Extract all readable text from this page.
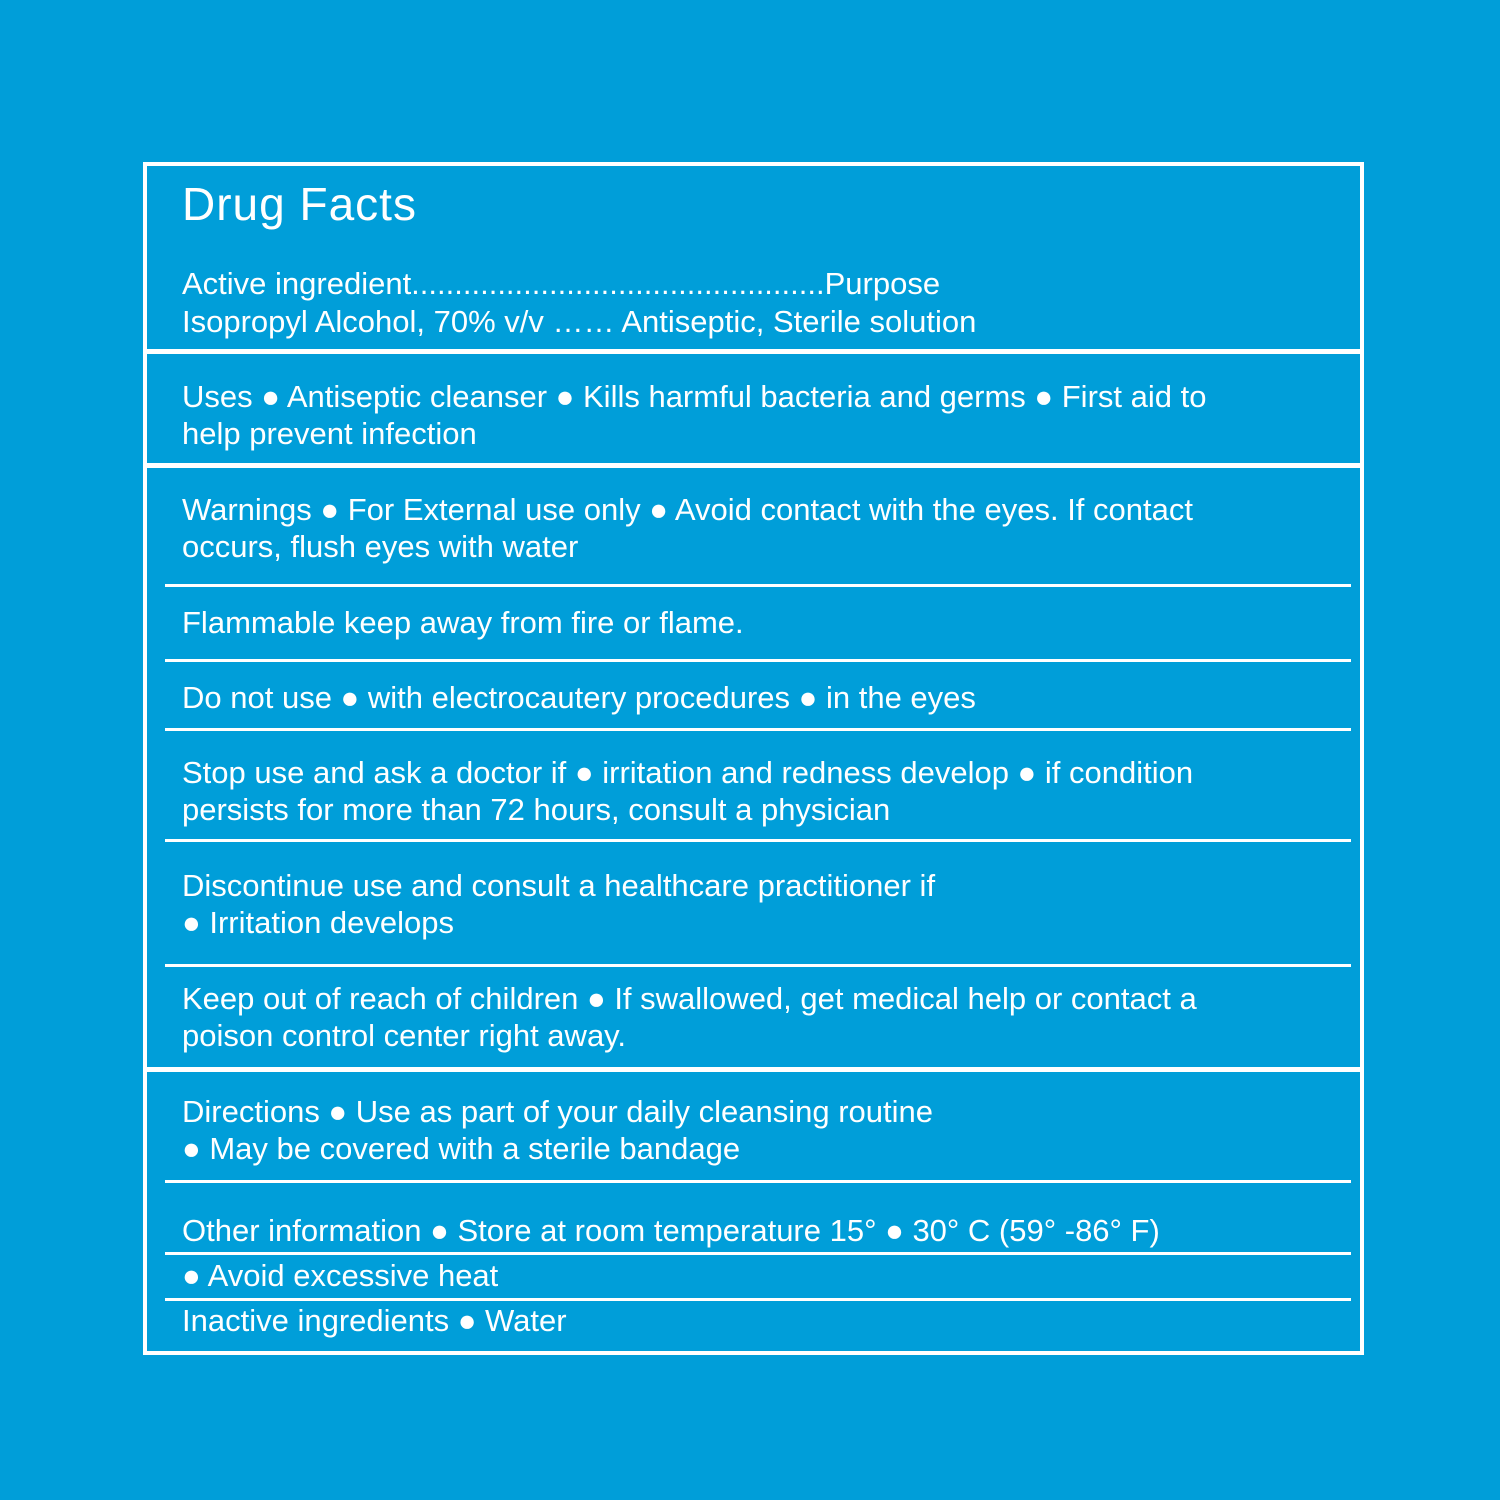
Drug Facts

Active ingredient................................................Purpose

Isopropyl Alcohol, 70% v/v …… Antiseptic, Sterile solution

Uses ● Antiseptic cleanser ● Kills harmful bacteria and germs ● First aid to

help prevent infection

Warnings ● For External use only ● Avoid contact with the eyes. If contact

occurs, flush eyes with water

Flammable keep away from fire or flame.

Do not use ● with electrocautery procedures ● in the eyes

Stop use and ask a doctor if ● irritation and redness develop ● if condition

persists for more than 72 hours, consult a physician

Discontinue use and consult a healthcare practitioner if

● Irritation develops

Keep out of reach of children ● If swallowed, get medical help or contact a

poison control center right away.

Directions ● Use as part of your daily cleansing routine

● May be covered with a sterile bandage

Other information ● Store at room temperature 15° ● 30° C (59° -86° F)

● Avoid excessive heat

Inactive ingredients ● Water
